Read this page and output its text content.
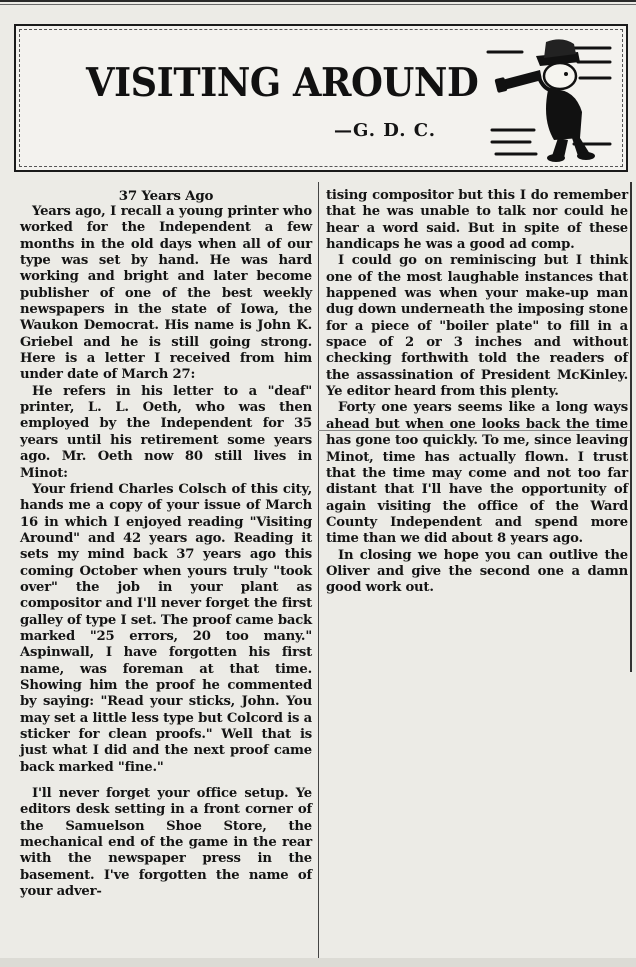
VISITING AROUND
—G. D. C.
37 Years Ago

Years ago, I recall a young printer who worked for the Independent a few months in the old days when all of our type was set by hand. He was hard working and bright and later become publisher of one of the best weekly newspapers in the state of Iowa, the Waukon Democrat. His name is John K. Griebel and he is still going strong. Here is a letter I received from him under date of March 27:

He refers in his letter to a "deaf" printer, L. L. Oeth, who was then employed by the Independent for 35 years until his retirement some years ago. Mr. Oeth now 80 still lives in Minot:

Your friend Charles Colsch of this city, hands me a copy of your issue of March 16 in which I enjoyed reading "Visiting Around" and 42 years ago. Reading it sets my mind back 37 years ago this coming October when yours truly "took over" the job in your plant as compositor and I'll never forget the first galley of type I set. The proof came back marked "25 errors, 20 too many." Aspinwall, I have forgotten his first name, was foreman at that time. Showing him the proof he commented by saying: "Read your sticks, John. You may set a little less type but Colcord is a sticker for clean proofs." Well that is just what I did and the next proof came back marked "fine."

I'll never forget your office setup. Ye editors desk setting in a front corner of the Samuelson Shoe Store, the mechanical end of the game in the rear with the newspaper press in the basement. I've forgotten the name of your adver-

tising compositor but this I do remember that he was unable to talk nor could he hear a word said. But in spite of these handicaps he was a good ad comp.

I could go on reminiscing but I think one of the most laughable instances that happened was when your make-up man dug down underneath the imposing stone for a piece of "boiler plate" to fill in a space of 2 or 3 inches and without checking forthwith told the readers of the assassination of President McKinley. Ye editor heard from this plenty.

Forty one years seems like a long ways ahead but when one looks back the time has gone too quickly. To me, since leaving Minot, time has actually flown. I trust that the time may come and not too far distant that I'll have the opportunity of again visiting the office of the Ward County Independent and spend more time than we did about 8 years ago.

In closing we hope you can outlive the Oliver and give the second one a damn good work out.
